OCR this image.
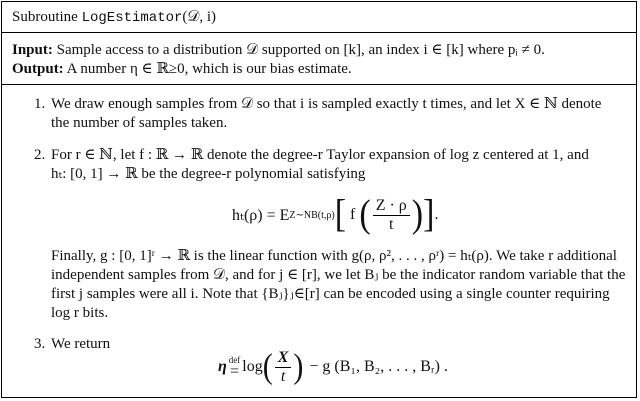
Subroutine LogEstimator(𝒟, i)
Input: Sample access to a distribution 𝒟 supported on [k], an index i ∈ [k] where pᵢ ≠ 0.
Output: A number η ∈ ℝ≥0, which is our bias estimate.
1. We draw enough samples from 𝒟 so that i is sampled exactly t times, and let X ∈ ℕ denote the number of samples taken.
2. For r ∈ ℕ, let f : ℝ → ℝ denote the degree-r Taylor expansion of log z centered at 1, and
hₜ: [0, 1] → ℝ be the degree-r polynomial satisfying
hₜ(ρ) = E Z∼NB(t,ρ) [ f ( $\frac{Z \cdot \rho}{t}$ ) ] .
Finally, g : [0, 1]ʳ → ℝ is the linear function with g(ρ, ρ², . . . , ρʳ) = hₜ(ρ). We take r additional independent samples from 𝒟, and for j ∈ [r], we let Bⱼ be the indicator random variable that the first j samples were all i. Note that {Bⱼ}ⱼ∈[r] can be encoded using a single counter requiring log r bits.
3. We return
η def
= log ( $\frac{X}{t}$ ) − g (B₁, B₂, . . . , Bᵣ) .
